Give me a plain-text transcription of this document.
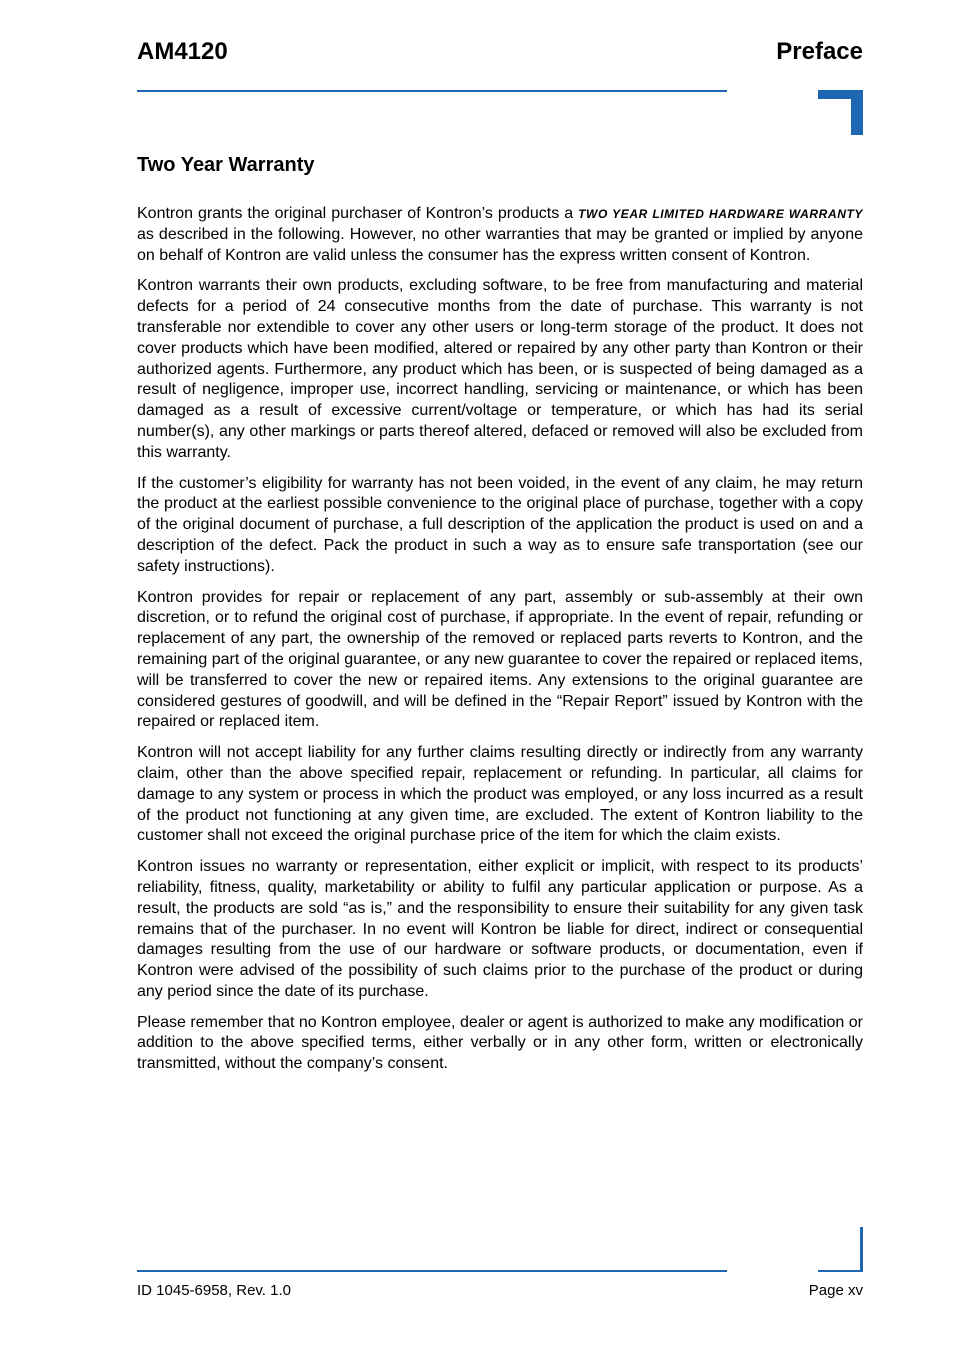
AM4120	Preface
Two Year Warranty

Kontron grants the original purchaser of Kontron’s products a TWO YEAR LIMITED HARDWARE WARRANTY as described in the following. However, no other warranties that may be granted or implied by anyone on behalf of Kontron are valid unless the consumer has the express written consent of Kontron.

Kontron warrants their own products, excluding software, to be free from manufacturing and material defects for a period of 24 consecutive months from the date of purchase. This warranty is not transferable nor extendible to cover any other users or long-term storage of the product. It does not cover products which have been modified, altered or repaired by any other party than Kontron or their authorized agents. Furthermore, any product which has been, or is suspected of being damaged as a result of negligence, improper use, incorrect handling, servicing or maintenance, or which has been damaged as a result of excessive current/voltage or temperature, or which has had its serial number(s), any other markings or parts thereof altered, defaced or removed will also be excluded from this warranty.

If the customer’s eligibility for warranty has not been voided, in the event of any claim, he may return the product at the earliest possible convenience to the original place of purchase, together with a copy of the original document of purchase, a full description of the application the product is used on and a description of the defect. Pack the product in such a way as to ensure safe transportation (see our safety instructions).

Kontron provides for repair or replacement of any part, assembly or sub-assembly at their own discretion, or to refund the original cost of purchase, if appropriate. In the event of repair, refunding or replacement of any part, the ownership of the removed or replaced parts reverts to Kontron, and the remaining part of the original guarantee, or any new guarantee to cover the repaired or replaced items, will be transferred to cover the new or repaired items. Any extensions to the original guarantee are considered gestures of goodwill, and will be defined in the “Repair Report” issued by Kontron with the repaired or replaced item.

Kontron will not accept liability for any further claims resulting directly or indirectly from any warranty claim, other than the above specified repair, replacement or refunding. In particular, all claims for damage to any system or process in which the product was employed, or any loss incurred as a result of the product not functioning at any given time, are excluded. The extent of Kontron liability to the customer shall not exceed the original purchase price of the item for which the claim exists.

Kontron issues no warranty or representation, either explicit or implicit, with respect to its products’ reliability, fitness, quality, marketability or ability to fulfil any particular application or purpose. As a result, the products are sold “as is,” and the responsibility to ensure their suitability for any given task remains that of the purchaser. In no event will Kontron be liable for direct, indirect or consequential damages resulting from the use of our hardware or software products, or documentation, even if Kontron were advised of the possibility of such claims prior to the purchase of the product or during any period since the date of its purchase.

Please remember that no Kontron employee, dealer or agent is authorized to make any modification or addition to the above specified terms, either verbally or in any other form, written or electronically transmitted, without the company’s consent.

ID 1045-6958, Rev. 1.0	Page xv
